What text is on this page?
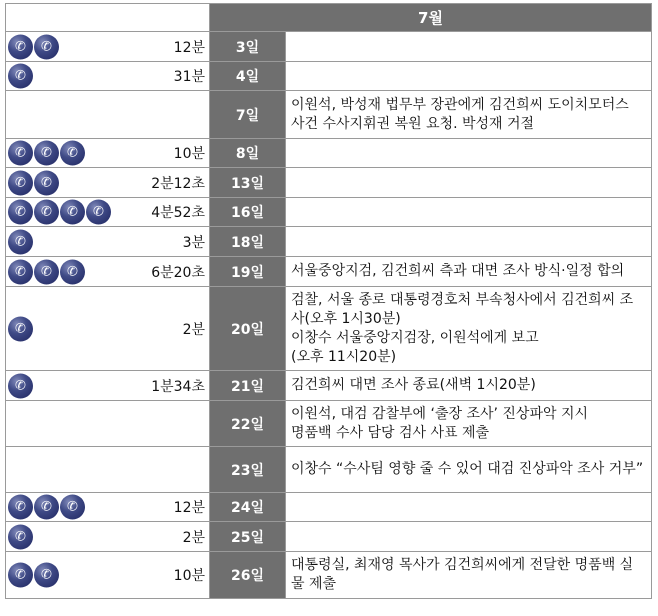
	7월	

✆ ✆ 12분	3일	

✆ 31분	4일	

	7일	이원석, 박성재 법무부 장관에게 김건희씨 도이치모터스 사건 수사지휘권 복원 요청. 박성재 거절

✆ ✆ ✆ 10분	8일	

✆ ✆ 2분12초	13일	

✆ ✆ ✆ ✆ 4분52초	16일	

✆ 3분	18일	

✆ ✆ ✆ 6분20초	19일	서울중앙지검, 김건희씨 측과 대면 조사 방식·일정 합의

✆ 2분	20일	검찰, 서울 종로 대통령경호처 부속청사에서 김건희씨 조사(오후 1시30분)
이창수 서울중앙지검장, 이원석에게 보고
(오후 11시20분)

✆ 1분34초	21일	김건희씨 대면 조사 종료(새벽 1시20분)

	22일	이원석, 대검 감찰부에 ‘출장 조사’ 진상파악 지시
명품백 수사 담당 검사 사표 제출

	23일	이창수 “수사팀 영향 줄 수 있어 대검 진상파악 조사 거부”

✆ ✆ ✆ 12분	24일	

✆ 2분	25일	

✆ ✆ 10분	26일	대통령실, 최재영 목사가 김건희씨에게 전달한 명품백 실물 제출
